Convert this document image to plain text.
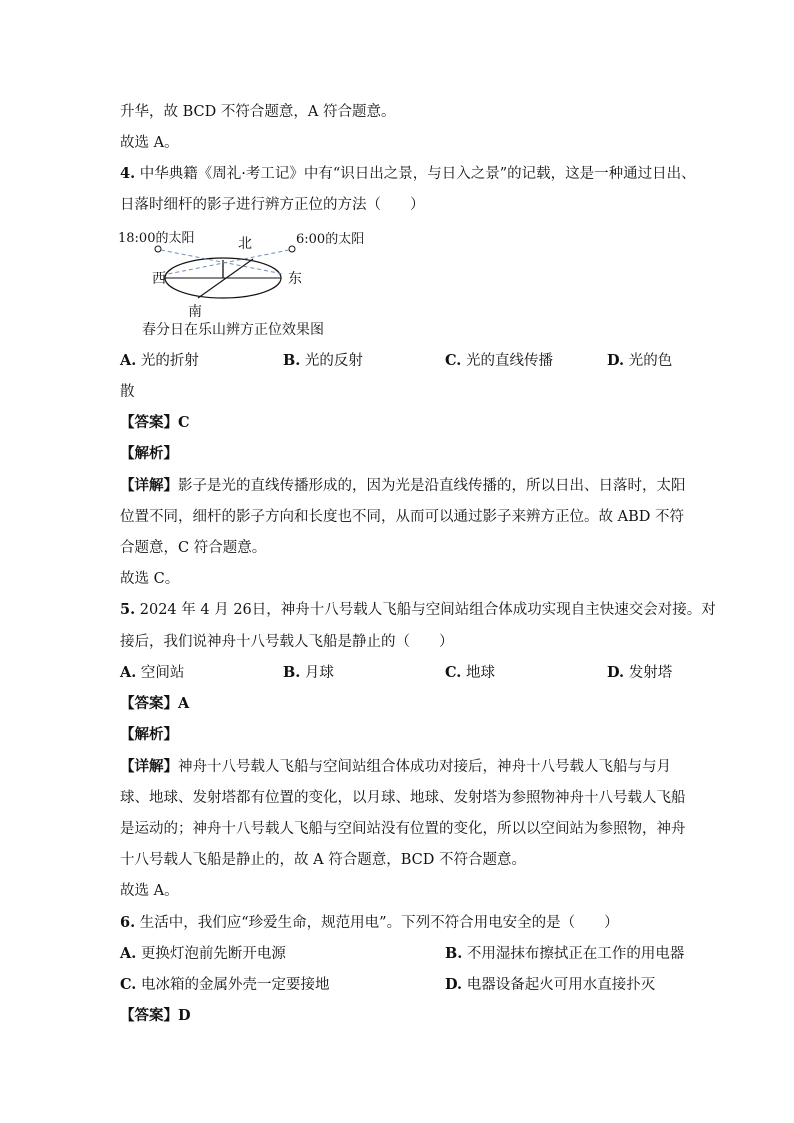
升华，故 BCD 不符合题意，A 符合题意。
故选 A。
4. 中华典籍《周礼·考工记》中有“识日出之景，与日入之景”的记载，这是一种通过日出、
日落时细杆的影子进行辨方正位的方法（　　）
18:00的太阳	6:00的太阳
北
西	东
南
春分日在乐山辨方正位效果图
A. 光的折射	B. 光的反射	C. 光的直线传播	D. 光的色
散
【答案】C
【解析】
【详解】影子是光的直线传播形成的，因为光是沿直线传播的，所以日出、日落时，太阳
位置不同，细杆的影子方向和长度也不同，从而可以通过影子来辨方正位。故 ABD 不符
合题意，C 符合题意。
故选 C。
5. 2024 年 4 月 26日，神舟十八号载人飞船与空间站组合体成功实现自主快速交会对接。对
接后，我们说神舟十八号载人飞船是静止的（　　）
A. 空间站	B. 月球	C. 地球	D. 发射塔
【答案】A
【解析】
【详解】神舟十八号载人飞船与空间站组合体成功对接后，神舟十八号载人飞船与与月
球、地球、发射塔都有位置的变化，以月球、地球、发射塔为参照物神舟十八号载人飞船
是运动的；神舟十八号载人飞船与空间站没有位置的变化，所以以空间站为参照物，神舟
十八号载人飞船是静止的，故 A 符合题意，BCD 不符合题意。
故选 A。
6. 生活中，我们应“珍爱生命，规范用电”。下列不符合用电安全的是（　　）
A. 更换灯泡前先断开电源	B. 不用湿抹布擦拭正在工作的用电器
C. 电冰箱的金属外壳一定要接地	D. 电器设备起火可用水直接扑灭
【答案】D
